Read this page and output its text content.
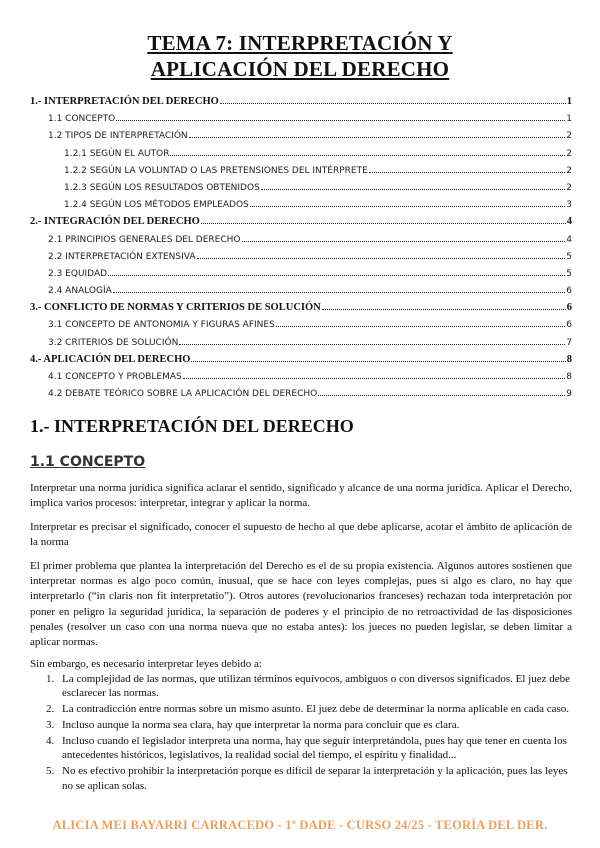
TEMA 7: INTERPRETACIÓN Y
APLICACIÓN DEL DERECHO
1.- INTERPRETACIÓN DEL DERECHO	1
1.1 CONCEPTO	1
1.2 TIPOS DE INTERPRETACIÓN	2
1.2.1 SEGÚN EL AUTOR	2
1.2.2 SEGÚN LA VOLUNTAD O LAS PRETENSIONES DEL INTÉRPRETE	2
1.2.3 SEGÚN LOS RESULTADOS OBTENIDOS	2
1.2.4 SEGÚN LOS MÉTODOS EMPLEADOS	3
2.- INTEGRACIÓN DEL DERECHO	4
2.1 PRINCIPIOS GENERALES DEL DERECHO	4
2.2 INTERPRETACIÓN EXTENSIVA	5
2.3 EQUIDAD	5
2.4 ANALOGÍA	6
3.- CONFLICTO DE NORMAS Y CRITERIOS DE SOLUCIÓN	6
3.1 CONCEPTO DE ANTONOMIA Y FIGURAS AFINES	6
3.2 CRITERIOS DE SOLUCIÓN	7
4.- APLICACIÓN DEL DERECHO	8
4.1 CONCEPTO Y PROBLEMAS	8
4.2 DEBATE TEÓRICO SOBRE LA APLICACIÓN DEL DERECHO	9
1.- INTERPRETACIÓN DEL DERECHO
1.1 CONCEPTO

Interpretar una norma jurídica significa aclarar el sentido, significado y alcance de una norma jurídica. Aplicar el Derecho, implica varios procesos: interpretar, integrar y aplicar la norma.

Interpretar es precisar el significado, conocer el supuesto de hecho al que debe aplicarse, acotar el ámbito de aplicación de la norma

El primer problema que plantea la interpretación del Derecho es el de su propia existencia. Algunos autores sostienen que interpretar normas es algo poco común, inusual, que se hace con leyes complejas, pues si algo es claro, no hay que interpretarlo (“in claris non fit interpretatio”). Otros autores (revolucionarios franceses) rechazan toda interpretación por poner en peligro la seguridad jurídica, la separación de poderes y el principio de no retroactividad de las disposiciones penales (resolver un caso con una norma nueva que no estaba antes): los jueces no pueden legislar, se deben limitar a aplicar normas.

Sin embargo, es necesario interpretar leyes debido a:

1. La complejidad de las normas, que utilizan términos equívocos, ambiguos o con diversos significados. El juez debe esclarecer las normas.
2. La contradicción entre normas sobre un mismo asunto. El juez debe de determinar la norma aplicable en cada caso.
3. Incluso aunque la norma sea clara, hay que interpretar la norma para concluir que es clara.
4. Incluso cuando el legislador interpreta una norma, hay que seguir interpretándola, pues hay que tener en cuenta los antecedentes históricos, legislativos, la realidad social del tiempo, el espíritu y finalidad...
5. No es efectivo prohibir la interpretación porque es difícil de separar la interpretación y la aplicación, pues las leyes no se aplican solas.

ALICIA MEI BAYARRI CARRACEDO - 1º DADE - CURSO 24/25 - TEORÍA DEL DER.
